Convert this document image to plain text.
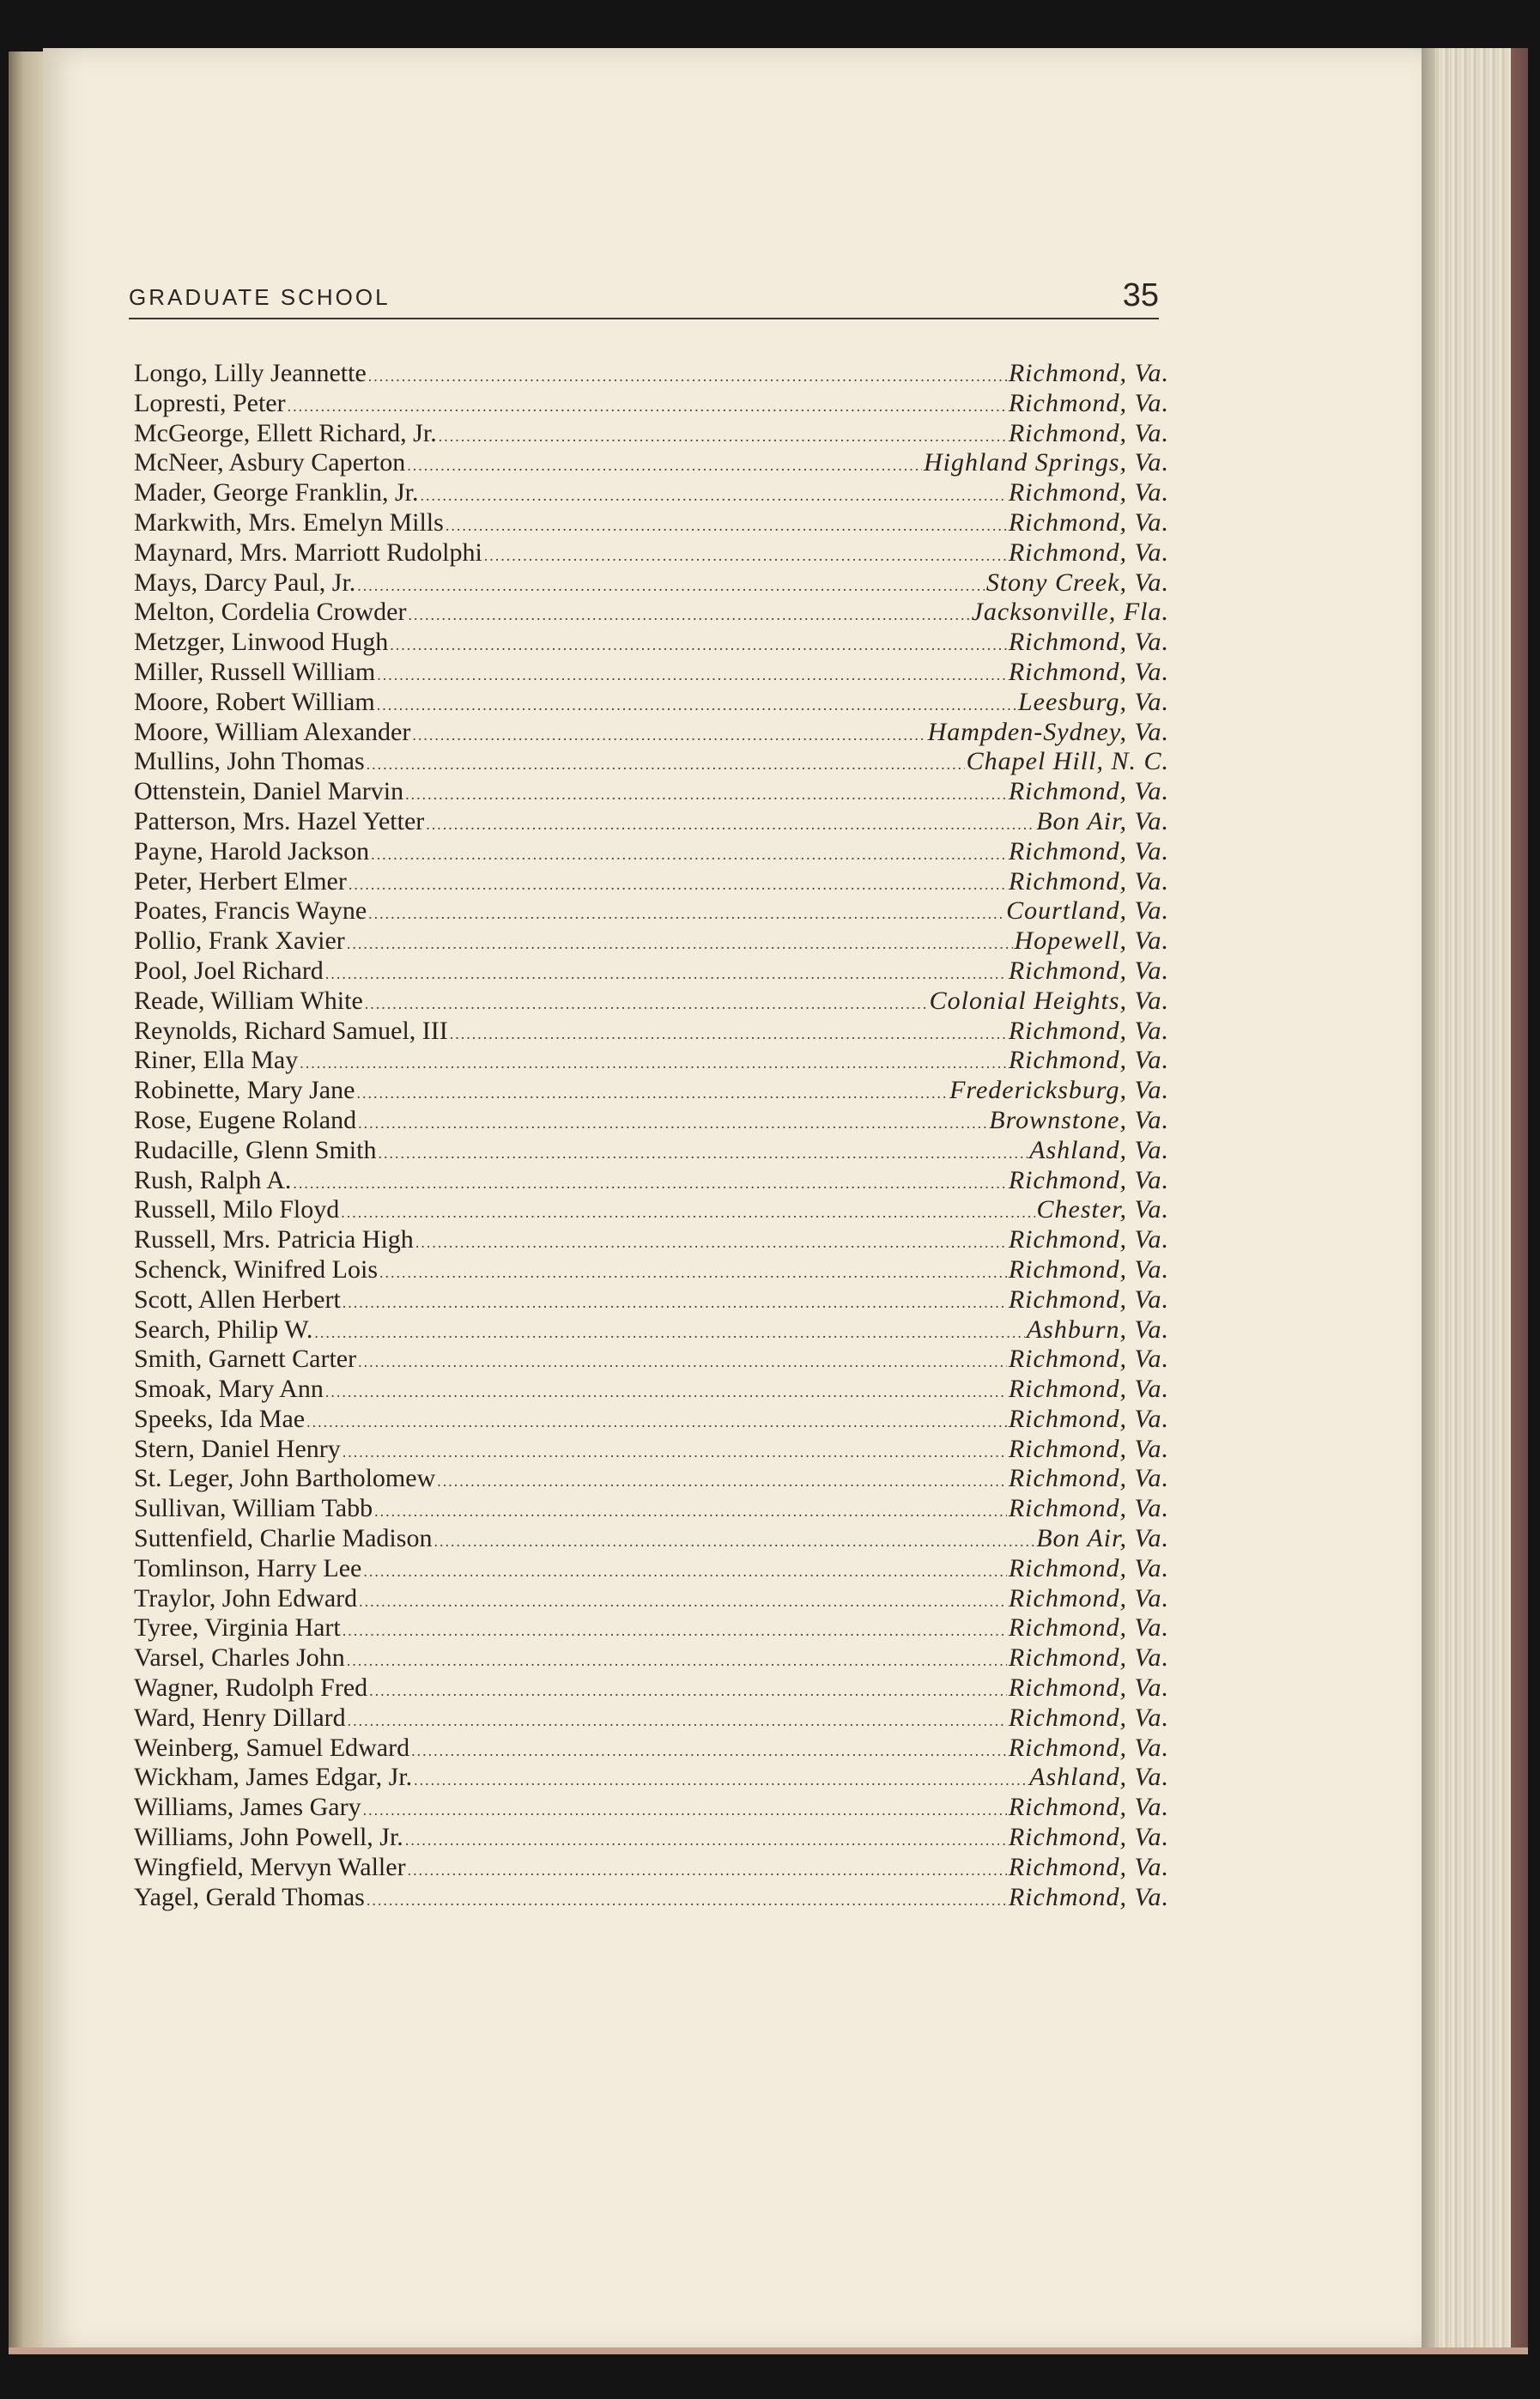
GRADUATE SCHOOL	35
Longo, Lilly Jeannette .....	Richmond, Va.
Lopresti, Peter .....	Richmond, Va.
McGeorge, Ellett Richard, Jr. .....	Richmond, Va.
McNeer, Asbury Caperton .....	Highland Springs, Va.
Mader, George Franklin, Jr. .....	Richmond, Va.
Markwith, Mrs. Emelyn Mills .....	Richmond, Va.
Maynard, Mrs. Marriott Rudolphi .....	Richmond, Va.
Mays, Darcy Paul, Jr. .....	Stony Creek, Va.
Melton, Cordelia Crowder .....	Jacksonville, Fla.
Metzger, Linwood Hugh .....	Richmond, Va.
Miller, Russell William .....	Richmond, Va.
Moore, Robert William .....	Leesburg, Va.
Moore, William Alexander .....	Hampden-Sydney, Va.
Mullins, John Thomas .....	Chapel Hill, N. C.
Ottenstein, Daniel Marvin .....	Richmond, Va.
Patterson, Mrs. Hazel Yetter .....	Bon Air, Va.
Payne, Harold Jackson .....	Richmond, Va.
Peter, Herbert Elmer .....	Richmond, Va.
Poates, Francis Wayne .....	Courtland, Va.
Pollio, Frank Xavier .....	Hopewell, Va.
Pool, Joel Richard .....	Richmond, Va.
Reade, William White .....	Colonial Heights, Va.
Reynolds, Richard Samuel, III .....	Richmond, Va.
Riner, Ella May .....	Richmond, Va.
Robinette, Mary Jane .....	Fredericksburg, Va.
Rose, Eugene Roland .....	Brownstone, Va.
Rudacille, Glenn Smith .....	Ashland, Va.
Rush, Ralph A. .....	Richmond, Va.
Russell, Milo Floyd .....	Chester, Va.
Russell, Mrs. Patricia High .....	Richmond, Va.
Schenck, Winifred Lois .....	Richmond, Va.
Scott, Allen Herbert .....	Richmond, Va.
Search, Philip W. .....	Ashburn, Va.
Smith, Garnett Carter .....	Richmond, Va.
Smoak, Mary Ann .....	Richmond, Va.
Speeks, Ida Mae .....	Richmond, Va.
Stern, Daniel Henry .....	Richmond, Va.
St. Leger, John Bartholomew .....	Richmond, Va.
Sullivan, William Tabb .....	Richmond, Va.
Suttenfield, Charlie Madison .....	Bon Air, Va.
Tomlinson, Harry Lee .....	Richmond, Va.
Traylor, John Edward .....	Richmond, Va.
Tyree, Virginia Hart .....	Richmond, Va.
Varsel, Charles John .....	Richmond, Va.
Wagner, Rudolph Fred .....	Richmond, Va.
Ward, Henry Dillard .....	Richmond, Va.
Weinberg, Samuel Edward .....	Richmond, Va.
Wickham, James Edgar, Jr. .....	Ashland, Va.
Williams, James Gary .....	Richmond, Va.
Williams, John Powell, Jr. .....	Richmond, Va.
Wingfield, Mervyn Waller .....	Richmond, Va.
Yagel, Gerald Thomas .....	Richmond, Va.
